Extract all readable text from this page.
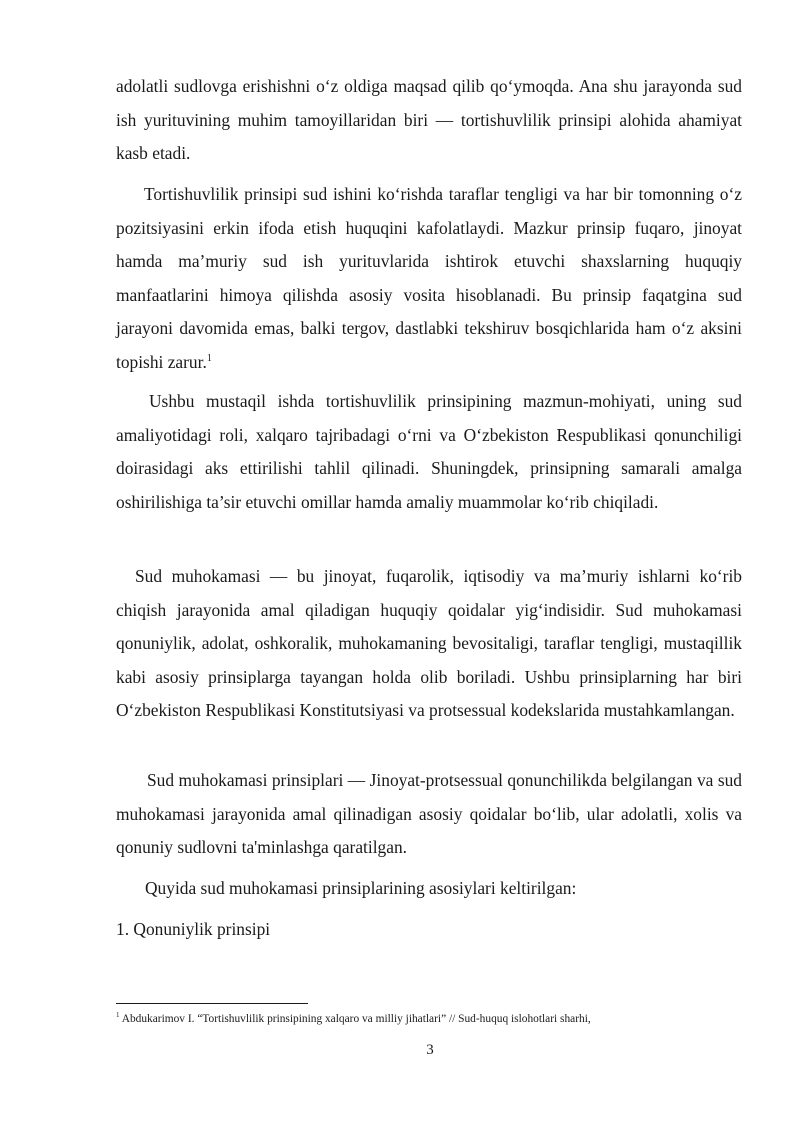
adolatli sudlovga erishishni o‘z oldiga maqsad qilib qo‘ymoqda. Ana shu jarayonda sud ish yurituvining muhim tamoyillaridan biri — tortishuvlilik prinsipi alohida ahamiyat kasb etadi.

Tortishuvlilik prinsipi sud ishini ko‘rishda taraflar tengligi va har bir tomonning o‘z pozitsiyasini erkin ifoda etish huquqini kafolatlaydi. Mazkur prinsip fuqaro, jinoyat hamda ma’muriy sud ish yurituvlarida ishtirok etuvchi shaxslarning huquqiy manfaatlarini himoya qilishda asosiy vosita hisoblanadi. Bu prinsip faqatgina sud jarayoni davomida emas, balki tergov, dastlabki tekshiruv bosqichlarida ham o‘z aksini topishi zarur.$^1$

Ushbu mustaqil ishda tortishuvlilik prinsipining mazmun-mohiyati, uning sud amaliyotidagi roli, xalqaro tajribadagi o‘rni va O‘zbekiston Respublikasi qonunchiligi doirasidagi aks ettirilishi tahlil qilinadi. Shuningdek, prinsipning samarali amalga oshirilishiga ta’sir etuvchi omillar hamda amaliy muammolar ko‘rib chiqiladi.

Sud muhokamasi — bu jinoyat, fuqarolik, iqtisodiy va ma’muriy ishlarni ko‘rib chiqish jarayonida amal qiladigan huquqiy qoidalar yig‘indisidir. Sud muhokamasi qonuniylik, adolat, oshkoralik, muhokamaning bevositaligi, taraflar tengligi, mustaqillik kabi asosiy prinsiplarga tayangan holda olib boriladi. Ushbu prinsiplarning har biri O‘zbekiston Respublikasi Konstitutsiyasi va protsessual kodekslarida mustahkamlangan.

Sud muhokamasi prinsiplari — Jinoyat-protsessual qonunchilikda belgilangan va sud muhokamasi jarayonida amal qilinadigan asosiy qoidalar bo‘lib, ular adolatli, xolis va qonuniy sudlovni ta'minlashga qaratilgan.

Quyida sud muhokamasi prinsiplarining asosiylari keltirilgan:

1. Qonuniylik prinsipi
$^1$ Abdukarimov I. “Tortishuvlilik prinsipining xalqaro va milliy jihatlari” // Sud-huquq islohotlari sharhi,
3
